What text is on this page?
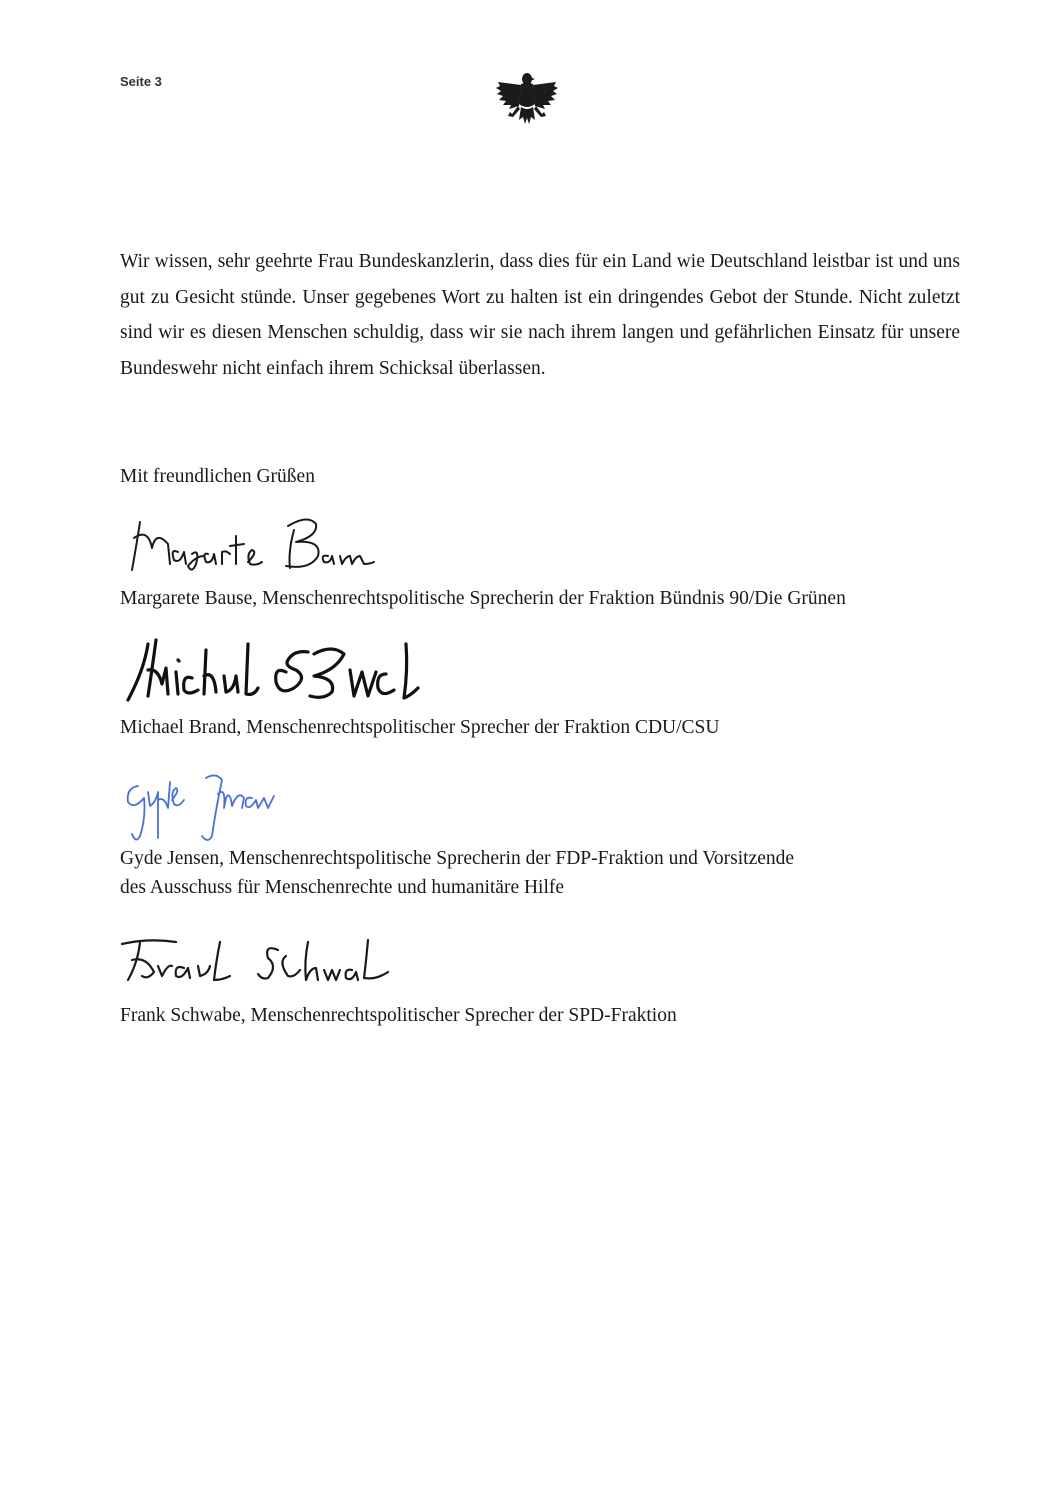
Seite 3

Wir wissen, sehr geehrte Frau Bundeskanzlerin, dass dies für ein Land wie Deutschland leistbar ist und uns gut zu Gesicht stünde. Unser gegebenes Wort zu halten ist ein dringendes Gebot der Stunde. Nicht zuletzt sind wir es diesen Menschen schuldig, dass wir sie nach ihrem langen und gefährlichen Einsatz für unsere Bundeswehr nicht einfach ihrem Schicksal überlassen.

Mit freundlichen Grüßen

Margarete Bause, Menschenrechtspolitische Sprecherin der Fraktion Bündnis 90/Die Grünen

Michael Brand, Menschenrechtspolitischer Sprecher der Fraktion CDU/CSU

Gyde Jensen, Menschenrechtspolitische Sprecherin der FDP-Fraktion und Vorsitzende
des Ausschuss für Menschenrechte und humanitäre Hilfe

Frank Schwabe, Menschenrechtspolitischer Sprecher der SPD-Fraktion
